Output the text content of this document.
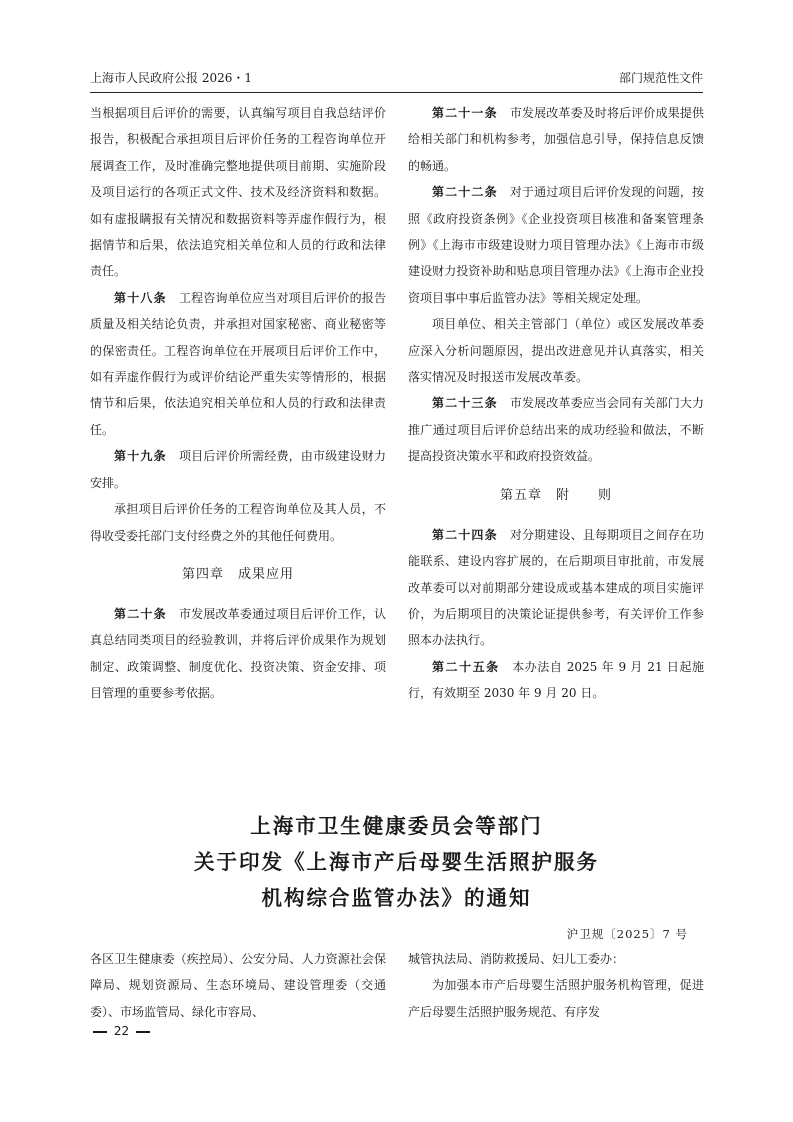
上海市人民政府公报 2026・1	部门规范性文件

当根据项目后评价的需要，认真编写项目自我总结评价报告，积极配合承担项目后评价任务的工程咨询单位开展调查工作，及时准确完整地提供项目前期、实施阶段及项目运行的各项正式文件、技术及经济资料和数据。如有虚报瞒报有关情况和数据资料等弄虚作假行为，根据情节和后果，依法追究相关单位和人员的行政和法律责任。

第十八条　 工程咨询单位应当对项目后评价的报告质量及相关结论负责，并承担对国家秘密、商业秘密等的保密责任。工程咨询单位在开展项目后评价工作中，如有弄虚作假行为或评价结论严重失实等情形的，根据情节和后果，依法追究相关单位和人员的行政和法律责任。

第十九条　 项目后评价所需经费，由市级建设财力安排。

承担项目后评价任务的工程咨询单位及其人员，不得收受委托部门支付经费之外的其他任何费用。

第四章　成果应用

第二十条　 市发展改革委通过项目后评价工作，认真总结同类项目的经验教训，并将后评价成果作为规划制定、政策调整、制度优化、投资决策、资金安排、项目管理的重要参考依据。

第二十一条　 市发展改革委及时将后评价成果提供给相关部门和机构参考，加强信息引导，保持信息反馈的畅通。

第二十二条　 对于通过项目后评价发现的问题，按照《政府投资条例》《企业投资项目核准和备案管理条例》《上海市市级建设财力项目管理办法》《上海市市级建设财力投资补助和贴息项目管理办法》《上海市企业投资项目事中事后监管办法》等相关规定处理。

项目单位、相关主管部门（单位）或区发展改革委应深入分析问题原因，提出改进意见并认真落实，相关落实情况及时报送市发展改革委。

第二十三条　 市发展改革委应当会同有关部门大力推广通过项目后评价总结出来的成功经验和做法，不断提高投资决策水平和政府投资效益。

第五章　附　　则

第二十四条　 对分期建设、且每期项目之间存在功能联系、建设内容扩展的，在后期项目审批前，市发展改革委可以对前期部分建设成或基本建成的项目实施评价，为后期项目的决策论证提供参考，有关评价工作参照本办法执行。

第二十五条　 本办法自 2025 年 9 月 21 日起施行，有效期至 2030 年 9 月 20 日。

上海市卫生健康委员会等部门
关于印发《上海市产后母婴生活照护服务
机构综合监管办法》的通知
沪卫规〔2025〕7 号

各区卫生健康委（疾控局）、公安分局、人力资源社会保障局、规划资源局、生态环境局、建设管理委（交通委）、市场监管局、绿化市容局、

城管执法局、消防救援局、妇儿工委办：

为加强本市产后母婴生活照护服务机构管理，促进产后母婴生活照护服务规范、有序发

22
